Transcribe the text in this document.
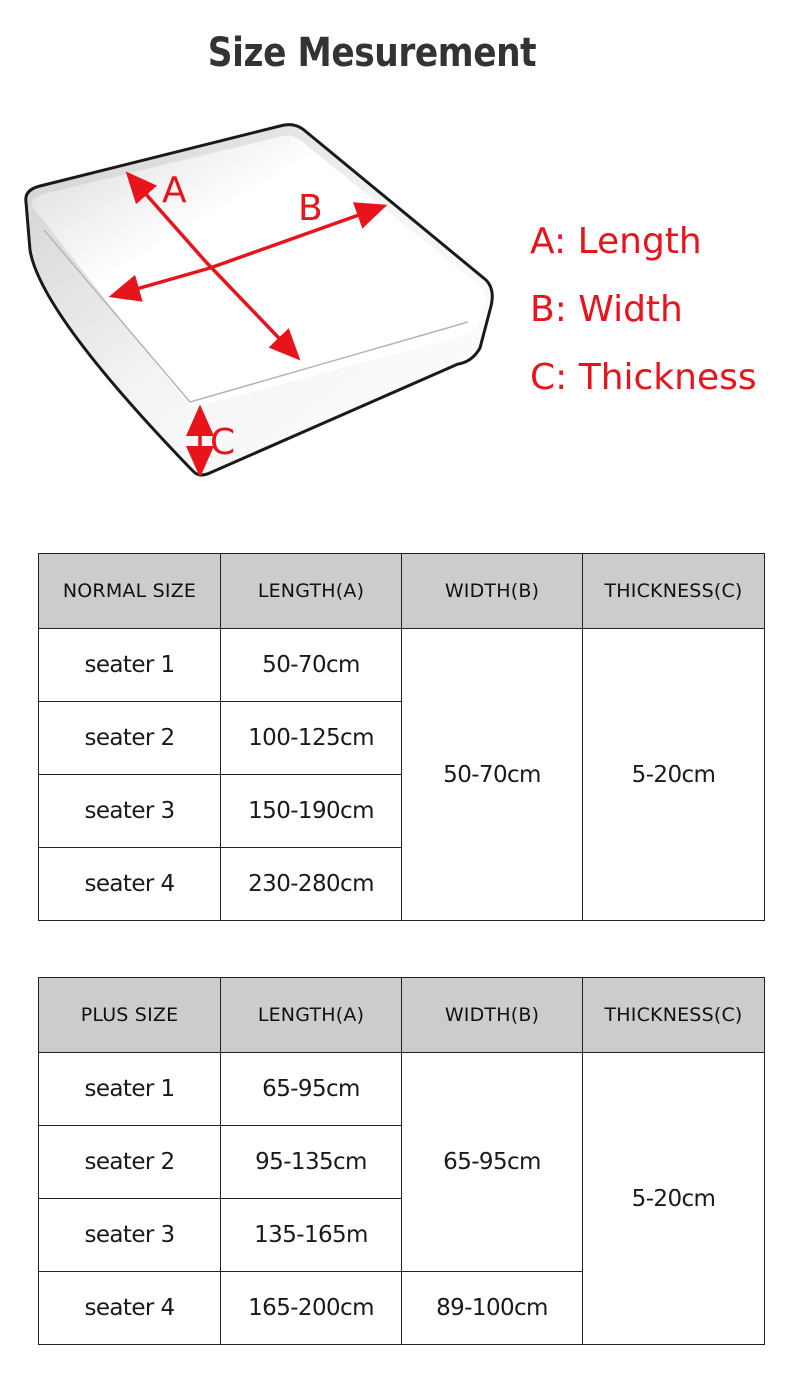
Size Mesurement
A	B
C
A: Length
B: Width
C: Thickness
NORMAL SIZE	LENGTH(A)	WIDTH(B)	THICKNESS(C)
seater 1	50-70cm	50-70cm	5-20cm
seater 2	100-125cm		
seater 3	150-190cm		
seater 4	230-280cm		
PLUS SIZE	LENGTH(A)	WIDTH(B)	THICKNESS(C)
seater 1	65-95cm	65-95cm	5-20cm
seater 2	95-135cm		
seater 3	135-165m		
seater 4	165-200cm	89-100cm	
